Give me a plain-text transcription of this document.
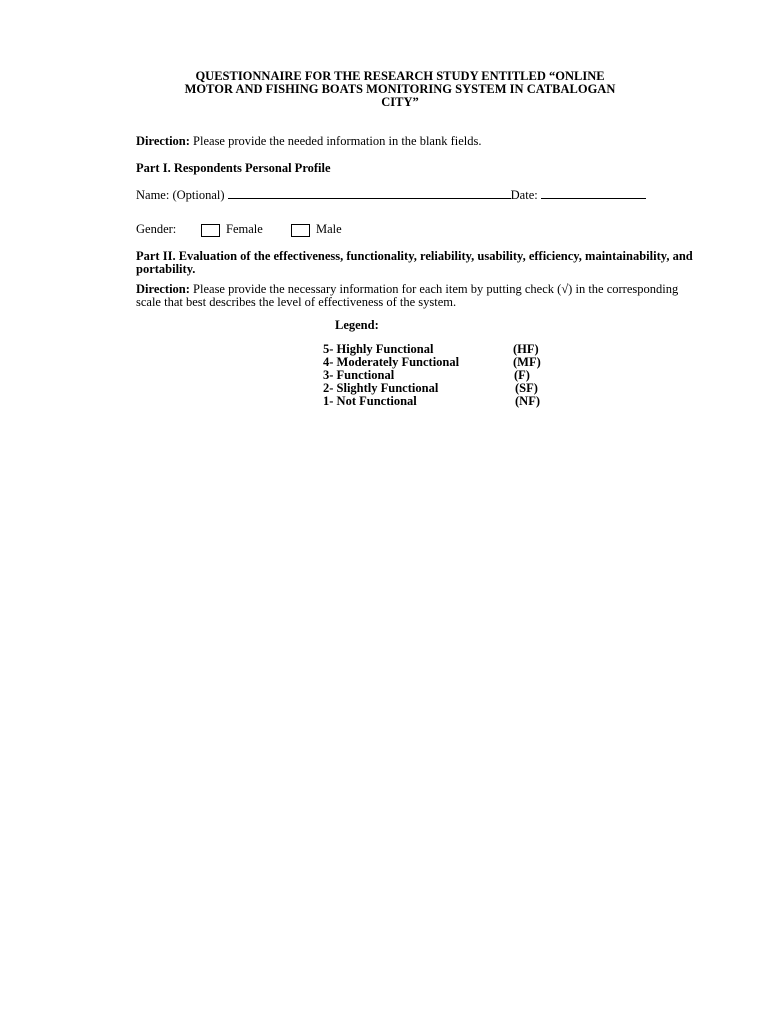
QUESTIONNAIRE FOR THE RESEARCH STUDY ENTITLED “ONLINE
MOTOR AND FISHING BOATS MONITORING SYSTEM IN CATBALOGAN
CITY”
Direction: Please provide the needed information in the blank fields.
Part I. Respondents Personal Profile
Name: (Optional)	Date:
Gender:	Female	Male
Part II. Evaluation of the effectiveness, functionality, reliability, usability, efficiency, maintainability, and portability.
Direction: Please provide the necessary information for each item by putting check (√) in the corresponding scale that best describes the level of effectiveness of the system.
Legend:
5- Highly Functional	(HF)
4- Moderately Functional	(MF)
3- Functional	(F)
2- Slightly Functional	(SF)
1- Not Functional	(NF)
